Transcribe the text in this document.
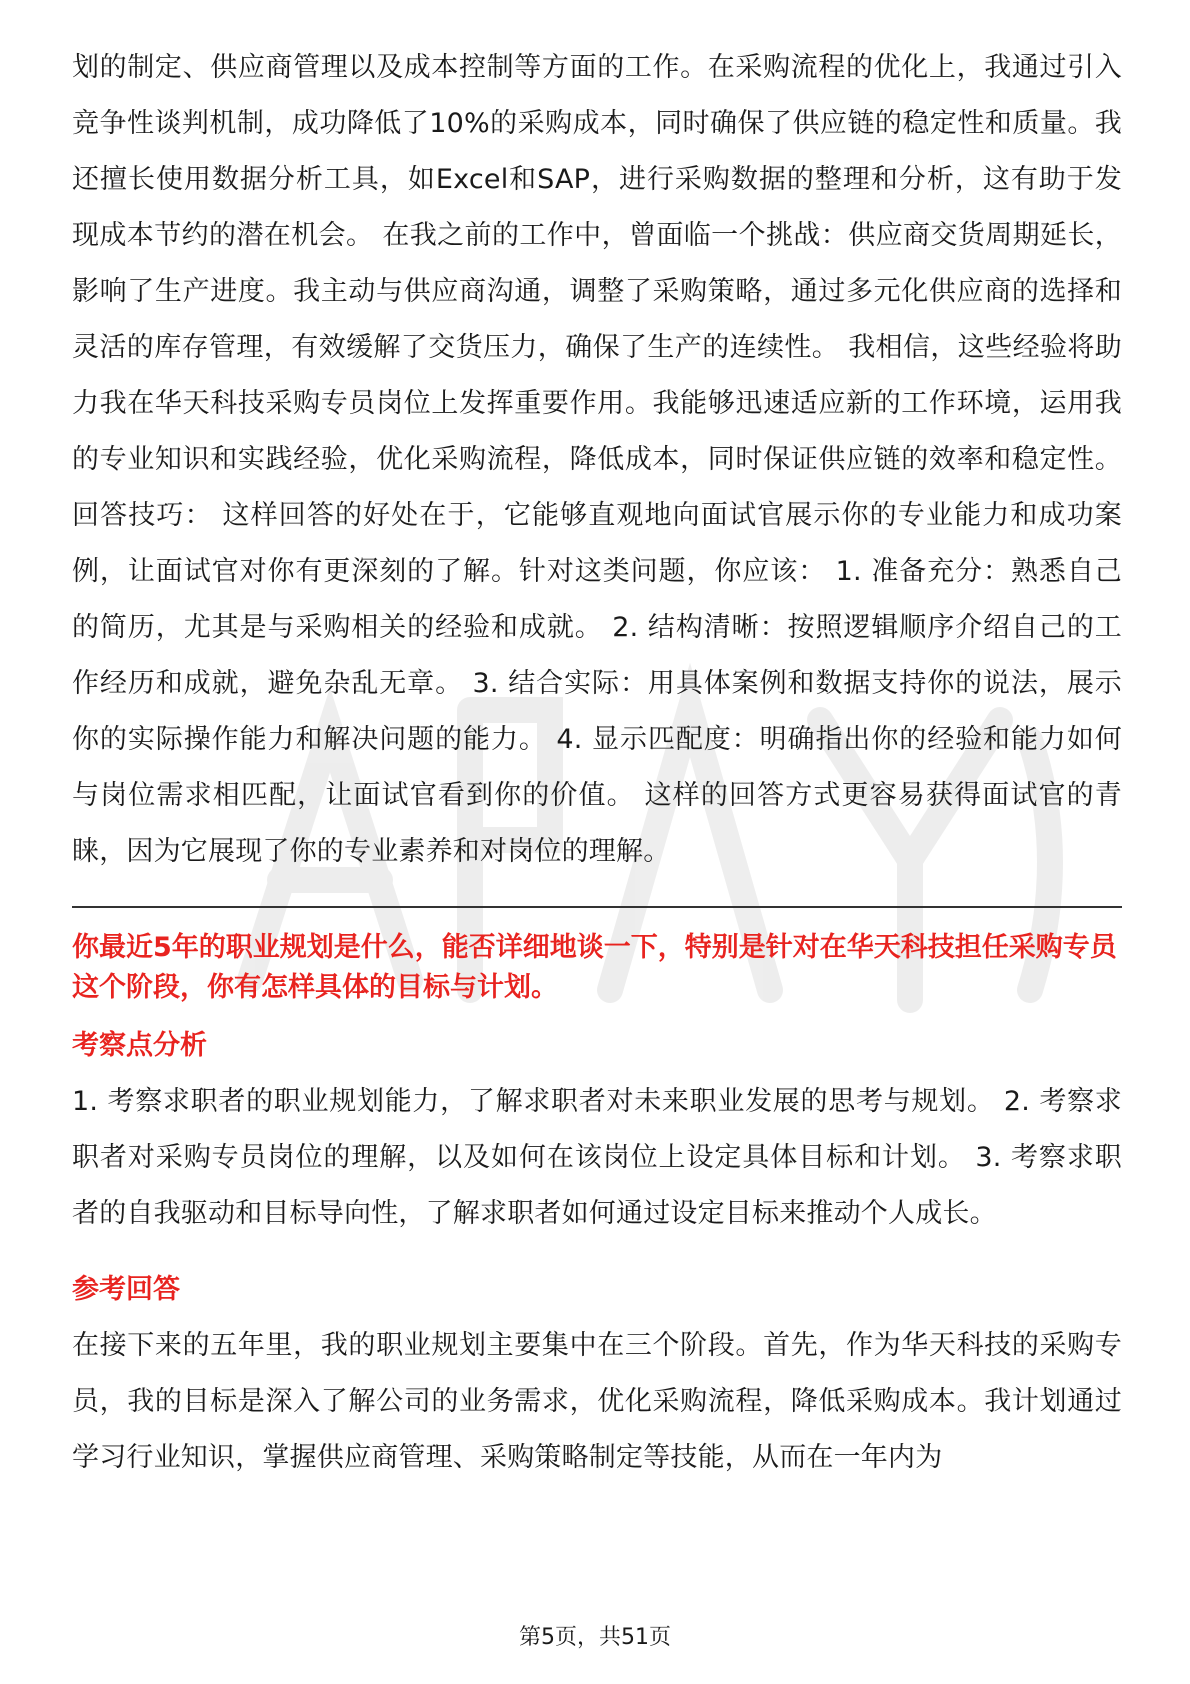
划的制定、供应商管理以及成本控制等方面的工作。在采购流程的优化上，我通过引入竞争性谈判机制，成功降低了10%的采购成本，同时确保了供应链的稳定性和质量。我还擅长使用数据分析工具，如Excel和SAP，进行采购数据的整理和分析，这有助于发现成本节约的潜在机会。 在我之前的工作中，曾面临一个挑战：供应商交货周期延长，影响了生产进度。我主动与供应商沟通，调整了采购策略，通过多元化供应商的选择和灵活的库存管理，有效缓解了交货压力，确保了生产的连续性。 我相信，这些经验将助力我在华天科技采购专员岗位上发挥重要作用。我能够迅速适应新的工作环境，运用我的专业知识和实践经验，优化采购流程，降低成本，同时保证供应链的效率和稳定性。 回答技巧： 这样回答的好处在于，它能够直观地向面试官展示你的专业能力和成功案例，让面试官对你有更深刻的了解。针对这类问题，你应该： 1. 准备充分：熟悉自己的简历，尤其是与采购相关的经验和成就。 2. 结构清晰：按照逻辑顺序介绍自己的工作经历和成就，避免杂乱无章。 3. 结合实际：用具体案例和数据支持你的说法，展示你的实际操作能力和解决问题的能力。 4. 显示匹配度：明确指出你的经验和能力如何与岗位需求相匹配，让面试官看到你的价值。 这样的回答方式更容易获得面试官的青睐，因为它展现了你的专业素养和对岗位的理解。

你最近5年的职业规划是什么，能否详细地谈一下，特别是针对在华天科技担任采购专员这个阶段，你有怎样具体的目标与计划。

考察点分析

1. 考察求职者的职业规划能力，了解求职者对未来职业发展的思考与规划。 2. 考察求职者对采购专员岗位的理解，以及如何在该岗位上设定具体目标和计划。 3. 考察求职者的自我驱动和目标导向性，了解求职者如何通过设定目标来推动个人成长。

参考回答

在接下来的五年里，我的职业规划主要集中在三个阶段。首先，作为华天科技的采购专员，我的目标是深入了解公司的业务需求，优化采购流程，降低采购成本。我计划通过学习行业知识，掌握供应商管理、采购策略制定等技能，从而在一年内为

第5页，共51页
